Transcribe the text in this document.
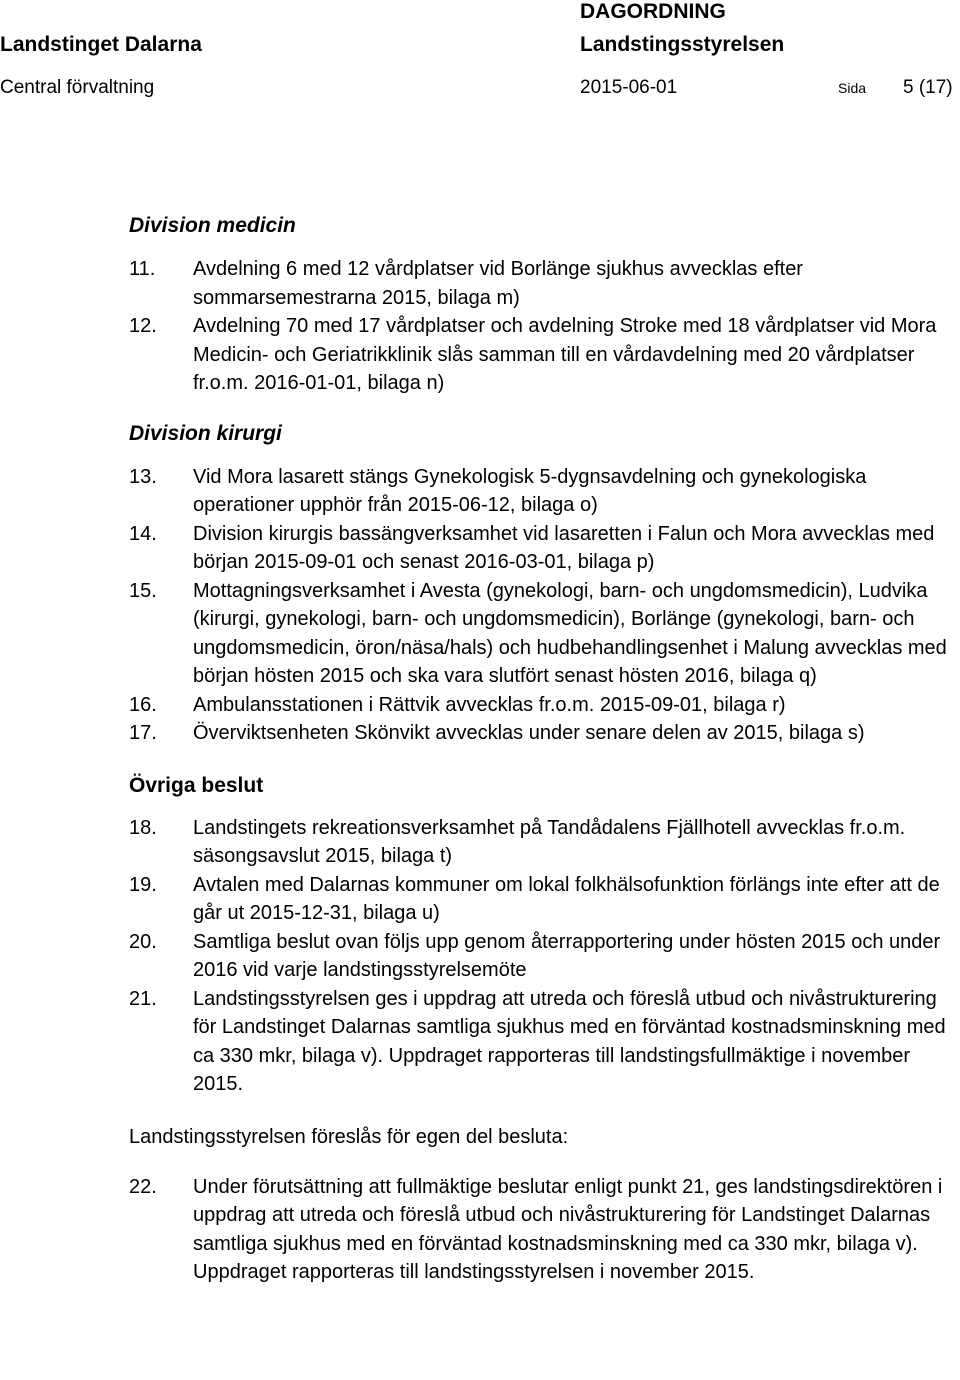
Landstinget Dalarna
DAGORDNING
Landstingsstyrelsen
Central förvaltning	2015-06-01	Sida 5 (17)
Division medicin
11.	Avdelning 6 med 12 vårdplatser vid Borlänge sjukhus avvecklas efter sommarsemestrarna 2015, bilaga m)
12.	Avdelning 70 med 17 vårdplatser och avdelning Stroke med 18 vårdplatser vid Mora Medicin- och Geriatrikklinik slås samman till en vårdavdelning med 20 vårdplatser fr.o.m. 2016-01-01, bilaga n)
Division kirurgi
13.	Vid Mora lasarett stängs Gynekologisk 5-dygnsavdelning och gynekologiska operationer upphör från 2015-06-12, bilaga o)
14.	Division kirurgis bassängverksamhet vid lasaretten i Falun och Mora avvecklas med början 2015-09-01 och senast 2016-03-01, bilaga p)
15.	Mottagningsverksamhet i Avesta (gynekologi, barn- och ungdomsmedicin), Ludvika (kirurgi, gynekologi, barn- och ungdomsmedicin), Borlänge (gynekologi, barn- och ungdomsmedicin, öron/näsa/hals) och hudbehandlingsenhet i Malung avvecklas med början hösten 2015 och ska vara slutfört senast hösten 2016, bilaga q)
16.	Ambulansstationen i Rättvik avvecklas fr.o.m. 2015-09-01, bilaga r)
17.	Överviktsenheten Skönvikt avvecklas under senare delen av 2015, bilaga s)
Övriga beslut
18.	Landstingets rekreationsverksamhet på Tandådalens Fjällhotell avvecklas fr.o.m. säsongsavslut 2015, bilaga t)
19.	Avtalen med Dalarnas kommuner om lokal folkhälsofunktion förlängs inte efter att de går ut 2015-12-31, bilaga u)
20.	Samtliga beslut ovan följs upp genom återrapportering under hösten 2015 och under 2016 vid varje landstingsstyrelsemöte
21.	Landstingsstyrelsen ges i uppdrag att utreda och föreslå utbud och nivåstrukturering för Landstinget Dalarnas samtliga sjukhus med en förväntad kostnadsminskning med ca 330 mkr, bilaga v). Uppdraget rapporteras till landstingsfullmäktige i november 2015.
Landstingsstyrelsen föreslås för egen del besluta:
22.	Under förutsättning att fullmäktige beslutar enligt punkt 21, ges landstingsdirektören i uppdrag att utreda och föreslå utbud och nivåstrukturering för Landstinget Dalarnas samtliga sjukhus med en förväntad kostnadsminskning med ca 330 mkr, bilaga v). Uppdraget rapporteras till landstingsstyrelsen i november 2015.
